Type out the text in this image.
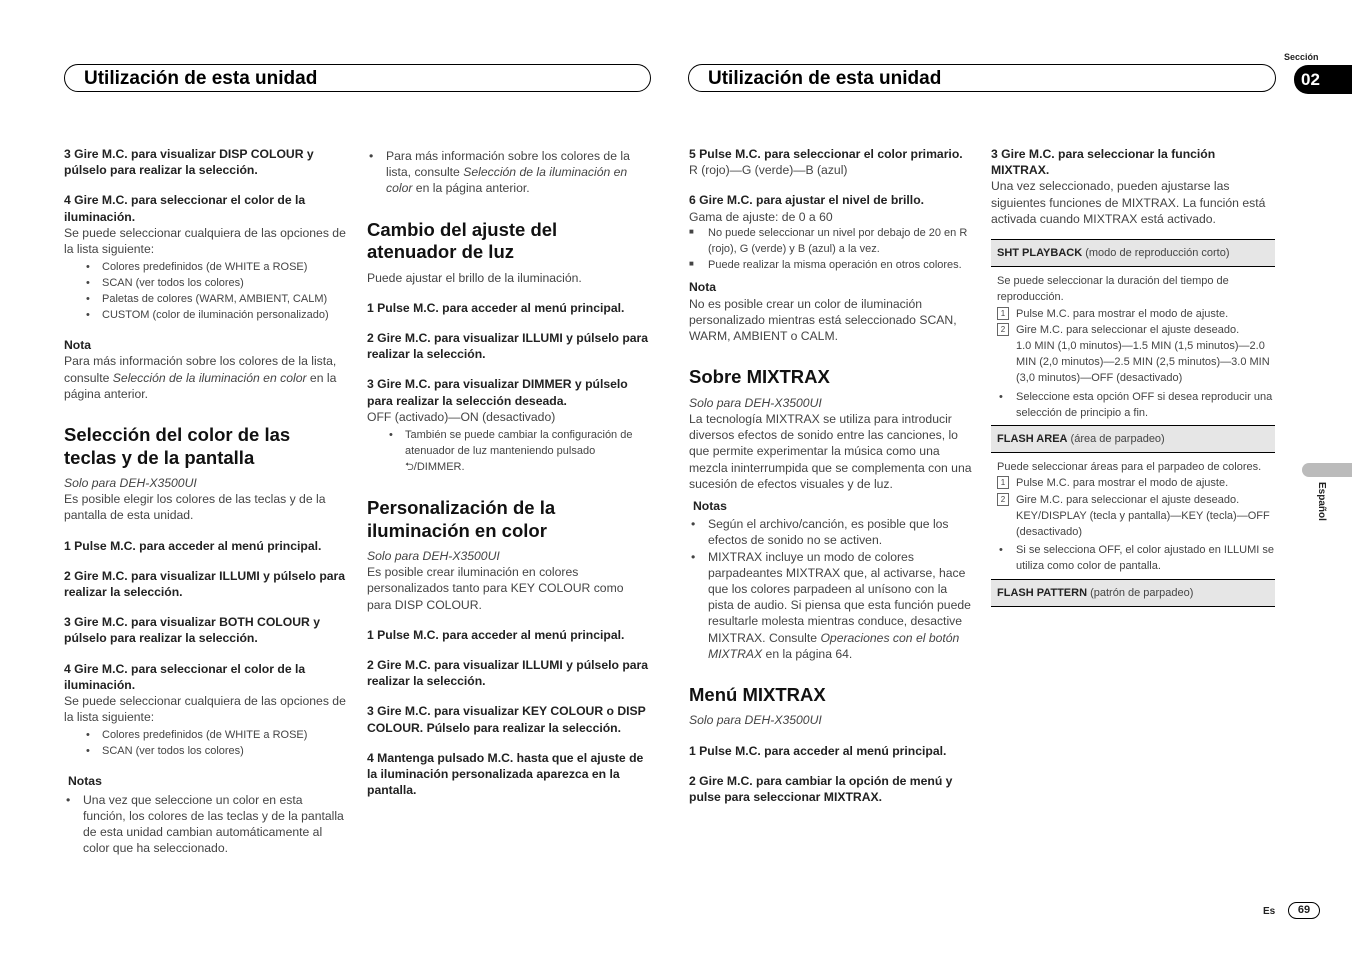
Utilización de esta unidad	Utilización de esta unidad
Sección
02
Español
Es	69

3 Gire M.C. para visualizar DISP COLOUR y púlselo para realizar la selección.

4 Gire M.C. para seleccionar el color de la iluminación.

Se puede seleccionar cualquiera de las opciones de la lista siguiente:

• Colores predefinidos (de WHITE a ROSE)
• SCAN (ver todos los colores)
• Paletas de colores (WARM, AMBIENT, CALM)
• CUSTOM (color de iluminación personalizado)

Nota

Para más información sobre los colores de la lista, consulte Selección de la iluminación en color en la página anterior.

Selección del color de las teclas y de la pantalla

Solo para DEH-X3500UI

Es posible elegir los colores de las teclas y de la pantalla de esta unidad.

1 Pulse M.C. para acceder al menú principal.

2 Gire M.C. para visualizar ILLUMI y púlselo para realizar la selección.

3 Gire M.C. para visualizar BOTH COLOUR y púlselo para realizar la selección.

4 Gire M.C. para seleccionar el color de la iluminación.

Se puede seleccionar cualquiera de las opciones de la lista siguiente:

• Colores predefinidos (de WHITE a ROSE)
• SCAN (ver todos los colores)

Notas

• Una vez que seleccione un color en esta función, los colores de las teclas y de la pantalla de esta unidad cambian automáticamente al color que ha seleccionado.
• Para más información sobre los colores de la lista, consulte Selección de la iluminación en color en la página anterior.

Cambio del ajuste del atenuador de luz

Puede ajustar el brillo de la iluminación.

1 Pulse M.C. para acceder al menú principal.

2 Gire M.C. para visualizar ILLUMI y púlselo para realizar la selección.

3 Gire M.C. para visualizar DIMMER y púlselo para realizar la selección deseada.

OFF (activado)—ON (desactivado)

• También se puede cambiar la configuración de atenuador de luz manteniendo pulsado ⮌/DIMMER.

Personalización de la iluminación en color

Solo para DEH-X3500UI

Es posible crear iluminación en colores personalizados tanto para KEY COLOUR como para DISP COLOUR.

1 Pulse M.C. para acceder al menú principal.

2 Gire M.C. para visualizar ILLUMI y púlselo para realizar la selección.

3 Gire M.C. para visualizar KEY COLOUR o DISP COLOUR. Púlselo para realizar la selección.

4 Mantenga pulsado M.C. hasta que el ajuste de la iluminación personalizada aparezca en la pantalla.

5 Pulse M.C. para seleccionar el color primario.

R (rojo)—G (verde)—B (azul)

6 Gire M.C. para ajustar el nivel de brillo.

Gama de ajuste: de 0 a 60

■ No puede seleccionar un nivel por debajo de 20 en R (rojo), G (verde) y B (azul) a la vez.

■ Puede realizar la misma operación en otros colores.

Nota

No es posible crear un color de iluminación personalizado mientras está seleccionado SCAN, WARM, AMBIENT o CALM.

Sobre MIXTRAX

Solo para DEH-X3500UI

La tecnología MIXTRAX se utiliza para introducir diversos efectos de sonido entre las canciones, lo que permite experimentar la música como una mezcla ininterrumpida que se complementa con una sucesión de efectos visuales y de luz.

Notas

• Según el archivo/canción, es posible que los efectos de sonido no se activen.
• MIXTRAX incluye un modo de colores parpadeantes MIXTRAX que, al activarse, hace que los colores parpadeen al unísono con la pista de audio. Si piensa que esta función puede resultarle molesta mientras conduce, desactive MIXTRAX. Consulte Operaciones con el botón MIXTRAX en la página 64.

Menú MIXTRAX

Solo para DEH-X3500UI

1 Pulse M.C. para acceder al menú principal.

2 Gire M.C. para cambiar la opción de menú y pulse para seleccionar MIXTRAX.

3 Gire M.C. para seleccionar la función MIXTRAX.

Una vez seleccionado, pueden ajustarse las siguientes funciones de MIXTRAX. La función está activada cuando MIXTRAX está activado.

SHT PLAYBACK (modo de reproducción corto)

Se puede seleccionar la duración del tiempo de reproducción.

1 Pulse M.C. para mostrar el modo de ajuste.

2 Gire M.C. para seleccionar el ajuste deseado.

1.0 MIN (1,0 minutos)—1.5 MIN (1,5 minutos)—2.0 MIN (2,0 minutos)—2.5 MIN (2,5 minutos)—3.0 MIN (3,0 minutos)—OFF (desactivado)

• Seleccione esta opción OFF si desea reproducir una selección de principio a fin.
FLASH AREA (área de parpadeo)

Puede seleccionar áreas para el parpadeo de colores.

1 Pulse M.C. para mostrar el modo de ajuste.

2 Gire M.C. para seleccionar el ajuste deseado.

KEY/DISPLAY (tecla y pantalla)—KEY (tecla)—OFF (desactivado)

• Si se selecciona OFF, el color ajustado en ILLUMI se utiliza como color de pantalla.
FLASH PATTERN (patrón de parpadeo)
